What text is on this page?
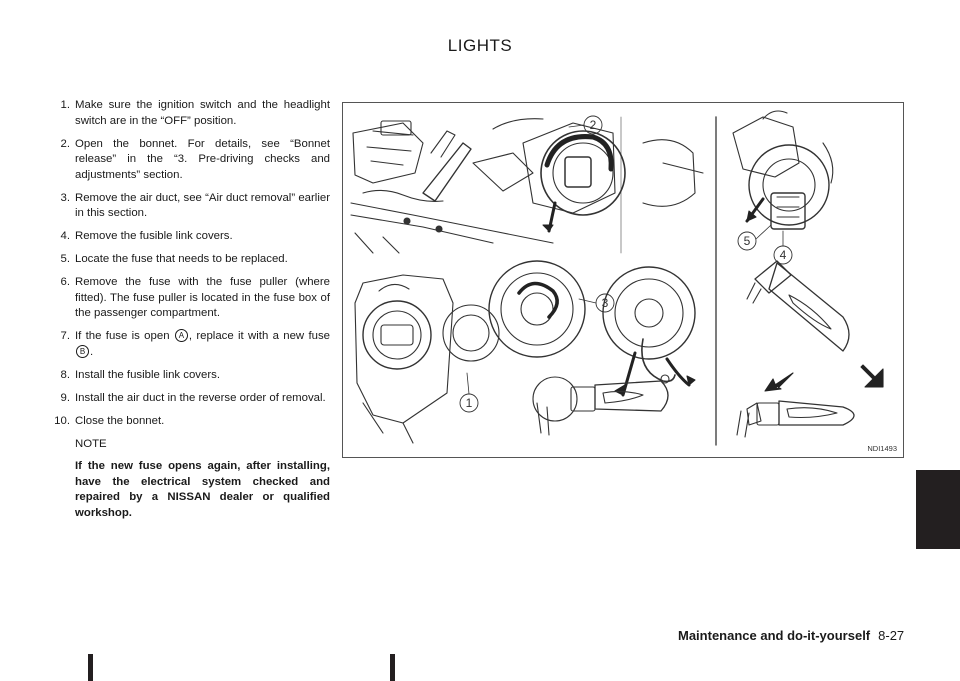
LIGHTS
1. Make sure the ignition switch and the headlight switch are in the “OFF” position.
2. Open the bonnet. For details, see “Bonnet release” in the “3. Pre-driving checks and adjustments” section.
3. Remove the air duct, see “Air duct removal” earlier in this section.
4. Remove the fusible link covers.
5. Locate the fuse that needs to be replaced.
6. Remove the fuse with the fuse puller (where fitted). The fuse puller is located in the fuse box of the passenger compartment.
7. If the fuse is open A , replace it with a new fuse B .
8. Install the fusible link covers.
9. Install the air duct in the reverse order of removal.
10. Close the bonnet.
NOTE
If the new fuse opens again, after installing, have the electrical system checked and repaired by a NISSAN dealer or qualified workshop.
1
2
3
4
5
NDI1493
Maintenance and do-it-yourself 8-27
